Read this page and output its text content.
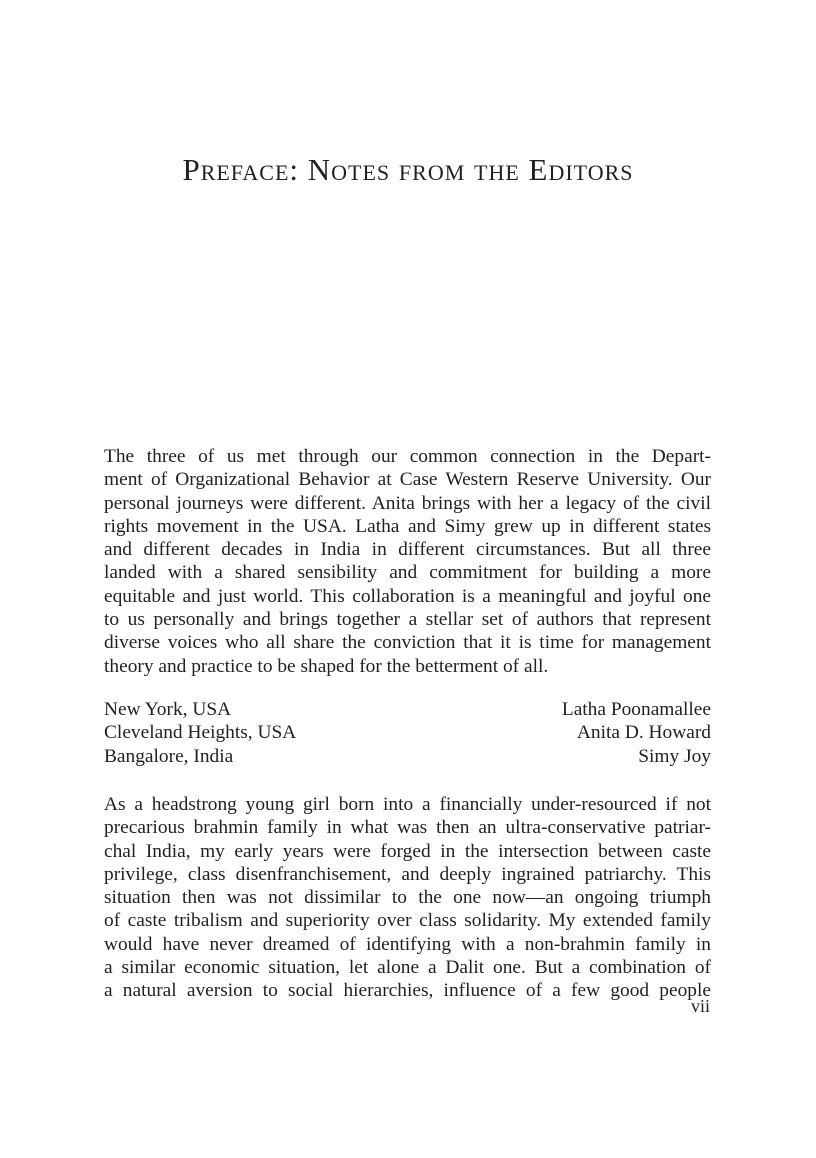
Preface: Notes from the Editors
The three of us met through our common connection in the Depart-
ment of Organizational Behavior at Case Western Reserve University. Our
personal journeys were different. Anita brings with her a legacy of the civil
rights movement in the USA. Latha and Simy grew up in different states
and different decades in India in different circumstances. But all three
landed with a shared sensibility and commitment for building a more
equitable and just world. This collaboration is a meaningful and joyful one
to us personally and brings together a stellar set of authors that represent
diverse voices who all share the conviction that it is time for management
theory and practice to be shaped for the betterment of all.
New York, USA	Latha Poonamallee
Cleveland Heights, USA	Anita D. Howard
Bangalore, India	Simy Joy
As a headstrong young girl born into a financially under-resourced if not
precarious brahmin family in what was then an ultra-conservative patriar-
chal India, my early years were forged in the intersection between caste
privilege, class disenfranchisement, and deeply ingrained patriarchy. This
situation then was not dissimilar to the one now—an ongoing triumph
of caste tribalism and superiority over class solidarity. My extended family
would have never dreamed of identifying with a non-brahmin family in
a similar economic situation, let alone a Dalit one. But a combination of
a natural aversion to social hierarchies, influence of a few good people
vii
